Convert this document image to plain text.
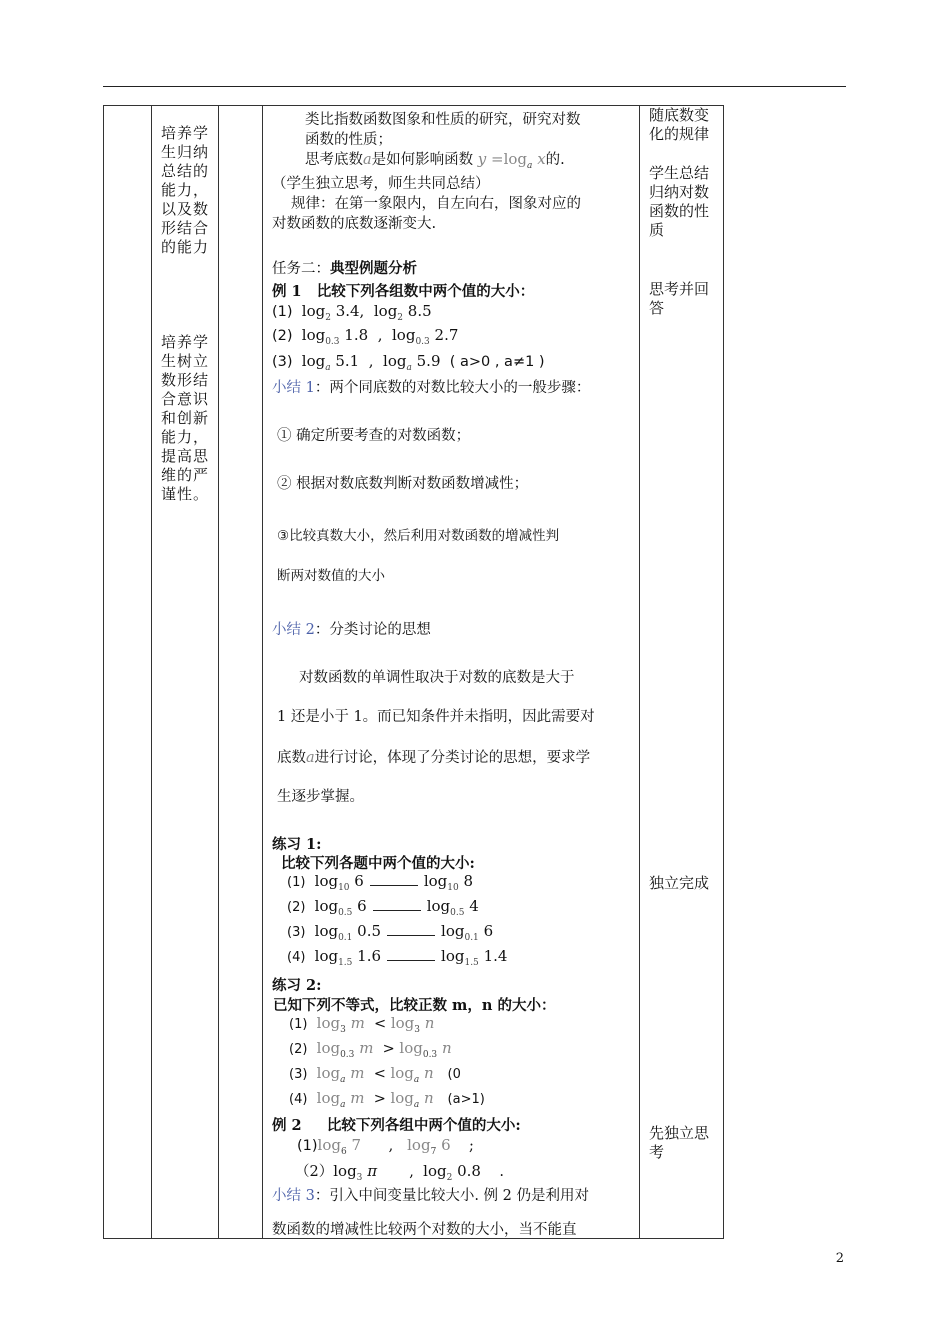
培养学生归纳总结的能力，以及数形结合的能力

培养学生树立数形结合意识和创新能力，提高思维的严谨性。

类比指数函数图象和性质的研究，研究对数
函数的性质；
思考底数a是如何影响函数 $y =\log_a$ x的.
（学生独立思考，师生共同总结）
规律：在第一象限内，自左向右，图象对应的
对数函数的底数逐渐变大.
任务二：典型例题分析
例 1 比较下列各组数中两个值的大小：
(1) $\log_2 3.4$,  $\log_2 8.5$
(2) $\log_{0.3} 1.8$  ,  $\log_{0.3} 2.7$
(3) $\log_a 5.1$  ,  $\log_a 5.9$ ( a>0 , a≠1 )
小结 1：两个同底数的对数比较大小的一般步骤：
① 确定所要考查的对数函数；
② 根据对数底数判断对数函数增减性；
③比较真数大小，然后利用对数函数的增减性判
断两对数值的大小
小结 2：分类讨论的思想
对数函数的单调性取决于对数的底数是大于
1 还是小于 1。而已知条件并未指明，因此需要对
底数a进行讨论，体现了分类讨论的思想，要求学
生逐步掌握。
练习 1:
比较下列各题中两个值的大小:
(1) $\log_{10} 6$	$\log_{10} 8$
(2) $\log_{0.5} 6$	$\log_{0.5} 4$
(3) $\log_{0.1} 0.5$	$\log_{0.1} 6$
(4) $\log_{1.5} 1.6$	$\log_{1.5} 1.4$
练习 2:
已知下列不等式，比较正数 m，n 的大小：
(1) $\log_3 m < \log_3 n$
(2) $\log_{0.3} m > \log_{0.3} n$
(3) $\log_a m < \log_a n$ (0
(4) $\log_a m > \log_a n$ (a>1)
例 2 比较下列各组中两个值的大小:
$(1)\log_6$ 7      ,   $\log_7 6$    ;
$(2)\log_3$ π       ,  $\log_2 0.8$    .
小结 3：引入中间变量比较大小. 例 2 仍是利用对
数函数的增减性比较两个对数的大小，当不能直

随底数变化的规律

学生总结归纳对数函数的性质

思考并回答

独立完成

先独立思考

2
